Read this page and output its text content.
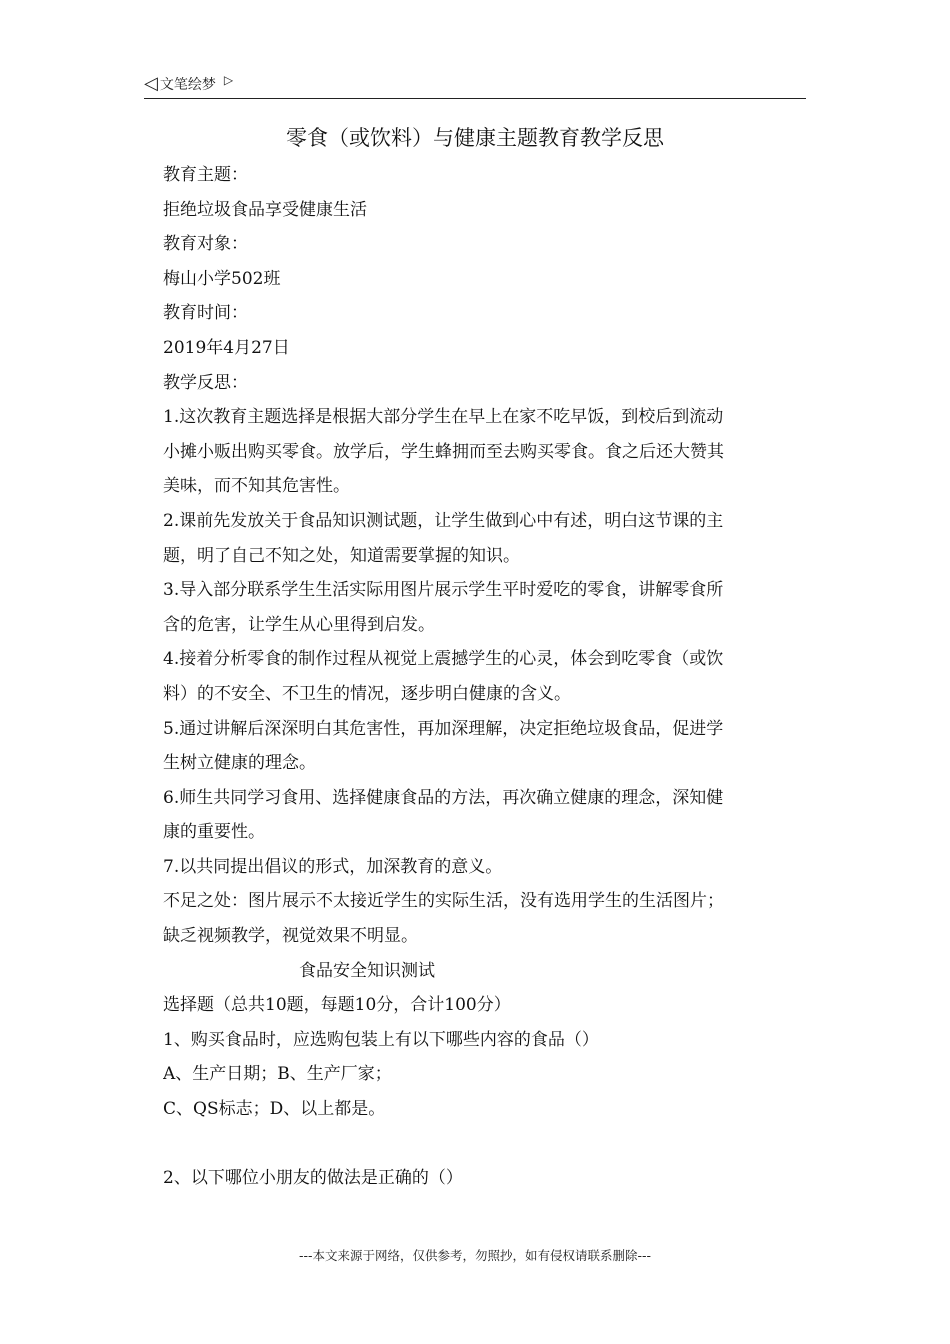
◁ 文笔绘梦 ▷
零食（或饮料）与健康主题教育教学反思
教育主题：
拒绝垃圾食品享受健康生活
教育对象：
梅山小学502班
教育时间：
2019年4月27日
教学反思：
1.这次教育主题选择是根据大部分学生在早上在家不吃早饭，到校后到流动
小摊小贩出购买零食。放学后，学生蜂拥而至去购买零食。食之后还大赞其
美味，而不知其危害性。
2.课前先发放关于食品知识测试题，让学生做到心中有述，明白这节课的主
题，明了自己不知之处，知道需要掌握的知识。
3.导入部分联系学生生活实际用图片展示学生平时爱吃的零食，讲解零食所
含的危害，让学生从心里得到启发。
4.接着分析零食的制作过程从视觉上震撼学生的心灵，体会到吃零食（或饮
料）的不安全、不卫生的情况，逐步明白健康的含义。
5.通过讲解后深深明白其危害性，再加深理解，决定拒绝垃圾食品，促进学
生树立健康的理念。
6.师生共同学习食用、选择健康食品的方法，再次确立健康的理念，深知健
康的重要性。
7.以共同提出倡议的形式，加深教育的意义。
不足之处：图片展示不太接近学生的实际生活，没有选用学生的生活图片；
缺乏视频教学，视觉效果不明显。
食品安全知识测试
选择题（总共10题，每题10分，合计100分）
1、购买食品时，应选购包装上有以下哪些内容的食品（）
A、生产日期；B、生产厂家；
C、QS标志；D、以上都是。
2、以下哪位小朋友的做法是正确的（）
---本文来源于网络，仅供参考，勿照抄，如有侵权请联系删除---
